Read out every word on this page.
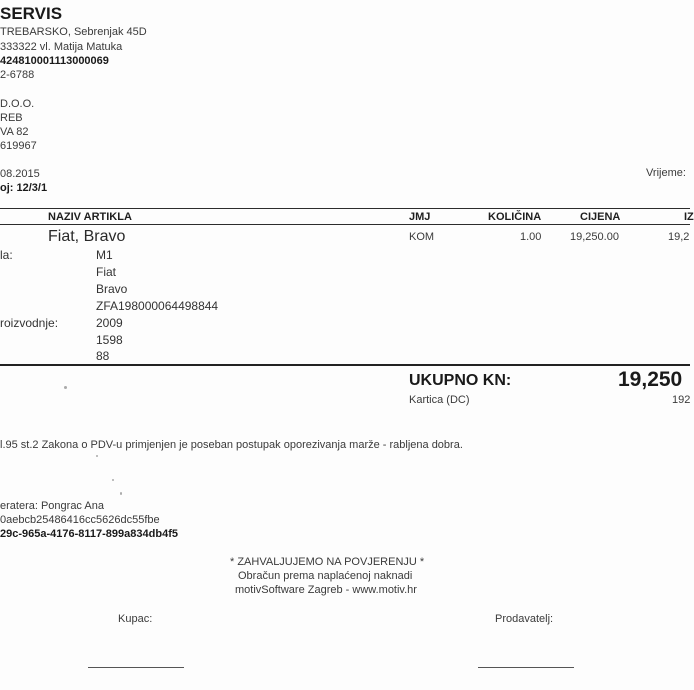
SERVIS
TREBARSKO, Sebrenjak 45D
333322 vl. Matija Matuka
424810001113000069
2-6788
D.O.O.
REB
VA 82
619967
08.2015
oj: 12/3/1
Vrijeme:
NAZIV ARTIKLA	JMJ	KOLIČINA	CIJENA	IZ
Fiat, Bravo	KOM	1.00	19,250.00	19,2
la:	M1
Fiat
Bravo
ZFA198000064498844
roizvodnje:	2009
1598
88
UKUPNO KN:	19,250
Kartica (DC)	192
l.95 st.2 Zakona o PDV-u primjenjen je poseban postupak oporezivanja marže - rabljena dobra.
eratera: Pongrac Ana
0aebcb25486416cc5626dc55fbe
29c-965a-4176-8117-899a834db4f5
* ZAHVALJUJEMO NA POVJERENJU *
Obračun prema naplaćenoj naknadi
motivSoftware Zagreb - www.motiv.hr
Kupac:	Prodavatelj:
